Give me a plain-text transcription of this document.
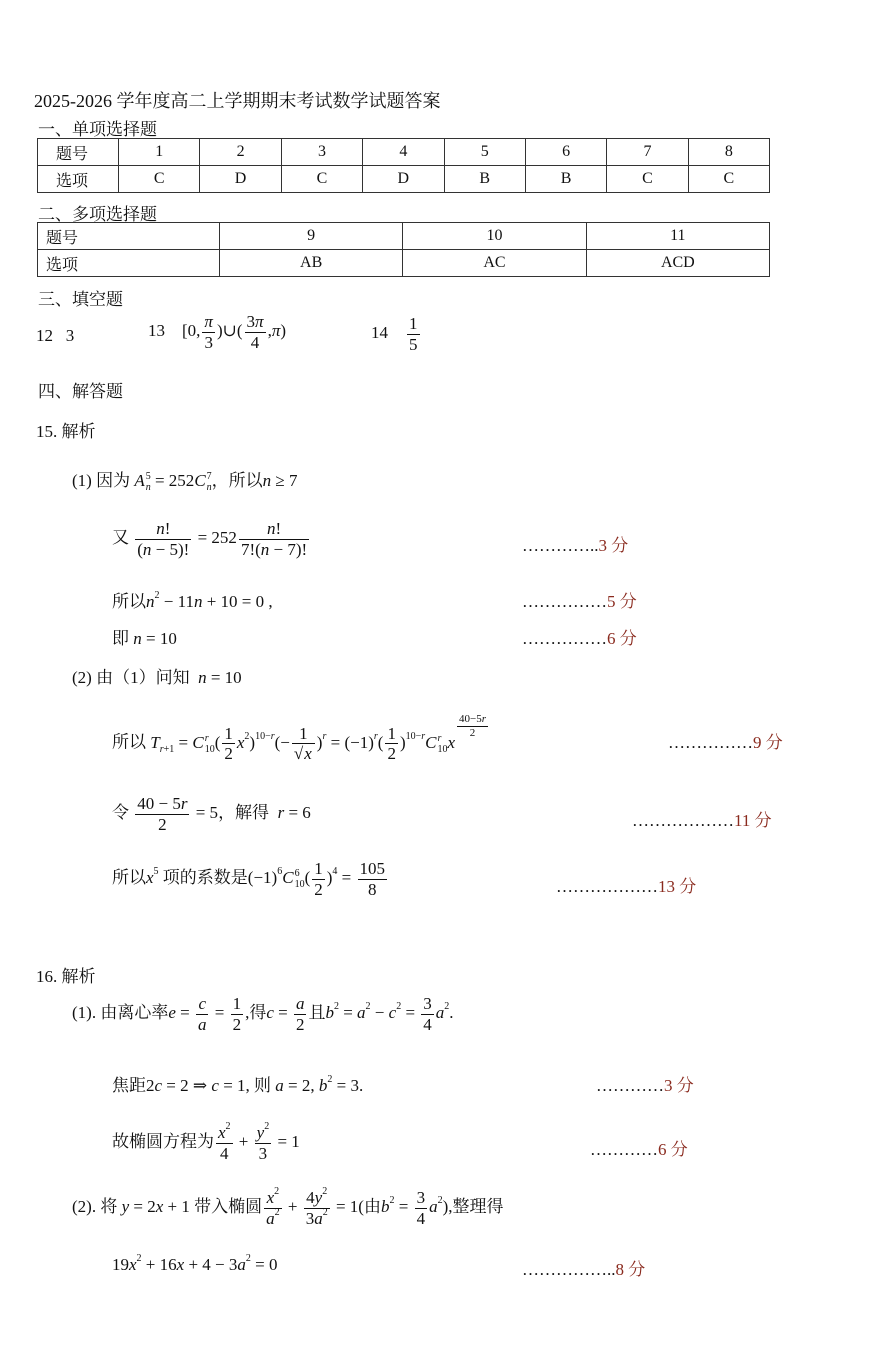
2025-2026 学年度高二上学期期末考试数学试题答案
一、单项选择题
题号	1	2	3	4	5	6	7	8
选项	C	D	C	D	B	B	C	C
二、多项选择题
题号	9	10	11
选项	AB	AC	ACD
三、填空题
12 3	13 [0, $\frac{\pi}{3}$ )∪( $\frac{3\pi}{4} ,\pi$)	$14 \frac{1}{5}$
四、解答题
15. 解析
(1) 因为 A 5
n = 252C 7
n ，所以n ≥ 7
又 $\frac{n!}{(n - 5)!} = 252 \frac{n!}{7!(n - 7)!}$	…………..3 分
所以$n^2 - 11n + 10 = 0$ ,	……………5 分
即 n = 10	……………6 分
(2) 由（1）问知 n = 10
所以 $T_{r+1} = C$ r
10 ( $\frac{1}{2} x^2)^{10-r}(- \frac{1}{√x} )^r = (-1)^r( \frac{1}{2} )^{10-r}C$ r
10 x
$\frac{40-5r}{2}$
……………9 分
令 $\frac{40 - 5r}{2} = 5$，解得 r = 6	………………11 分
所以$x^5$ 项的系数是$(-1)^6C$ 6
10 ( $\frac{1}{2} )^4 = \frac{105}{8}$	………………13 分
16. 解析
(1). 由离心率$e = \frac{c}{a} = \frac{1}{2}$ ,得$c = \frac{a}{2}$ 且$b^2 = a^2 - c^2 = \frac{3}{4} a^2$.
焦距2c = 2 ⇒ c = 1, 则 a = 2, $b^2 = 3$.	…………3 分
故椭圆方程为 $\frac{x^2}{4} + \frac{y^2}{3} = 1$	…………6 分
(2). 将 y = 2x + 1 带入椭圆 $\frac{x^2}{a^2} + \frac{4y^2}{3a^2} = 1$(由$b^2 = \frac{3}{4} a^2$),整理得
$19x^2 + 16x + 4 - 3a^2 = 0$	……………..8 分
